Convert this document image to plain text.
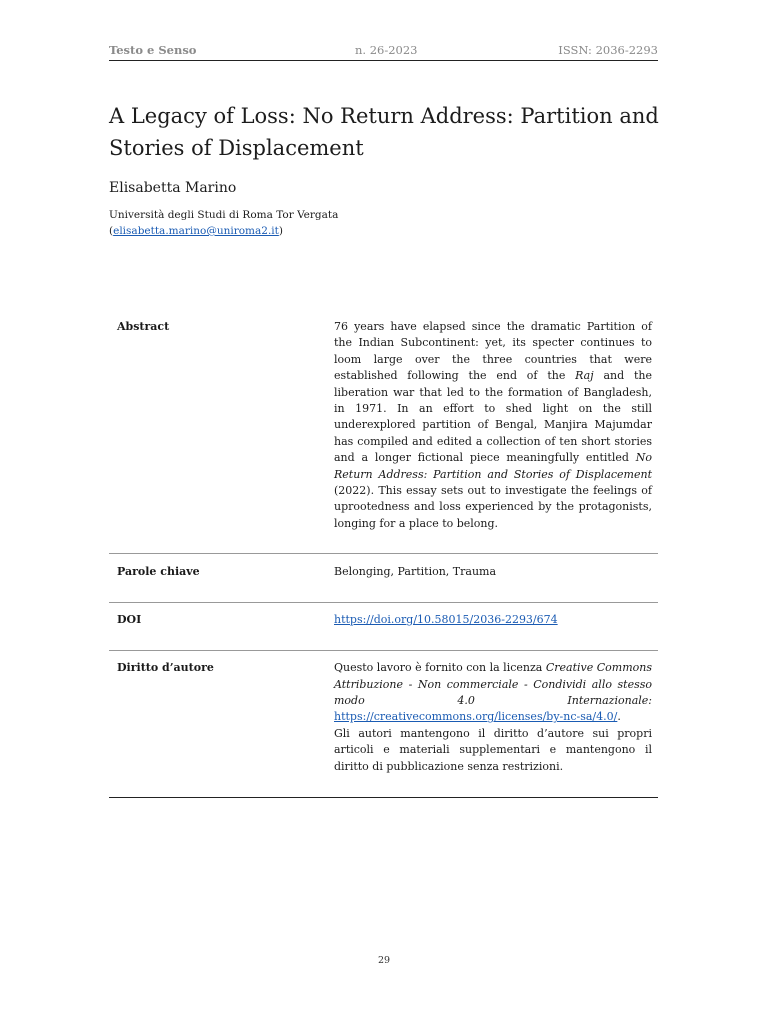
Testo e Senso	n. 26-2023	ISSN: 2036-2293
A Legacy of Loss: No Return Address: Partition and Stories of Displacement
Elisabetta Marino
Università degli Studi di Roma Tor Vergata
(elisabetta.marino@uniroma2.it)
Abstract	76 years have elapsed since the dramatic Partition of the Indian Subcontinent: yet, its specter continues to loom large over the three countries that were established following the end of the Raj and the liberation war that led to the formation of Bangladesh, in 1971. In an effort to shed light on the still underexplored partition of Bengal, Manjira Majumdar has compiled and edited a collection of ten short stories and a longer fictional piece meaningfully entitled No Return Address: Partition and Stories of Displacement (2022). This essay sets out to investigate the feelings of uprootedness and loss experienced by the protagonists, longing for a place to belong.
Parole chiave	Belonging, Partition, Trauma
DOI	https://doi.org/10.58015/2036-2293/674
Diritto d’autore	Questo lavoro è fornito con la licenza Creative Commons Attribuzione - Non commerciale - Condividi allo stesso modo 4.0 Internazionale: https://creativecommons.org/licenses/by-nc-sa/4.0/.
Gli autori mantengono il diritto d’autore sui propri articoli e materiali supplementari e mantengono il diritto di pubblicazione senza restrizioni.
29
